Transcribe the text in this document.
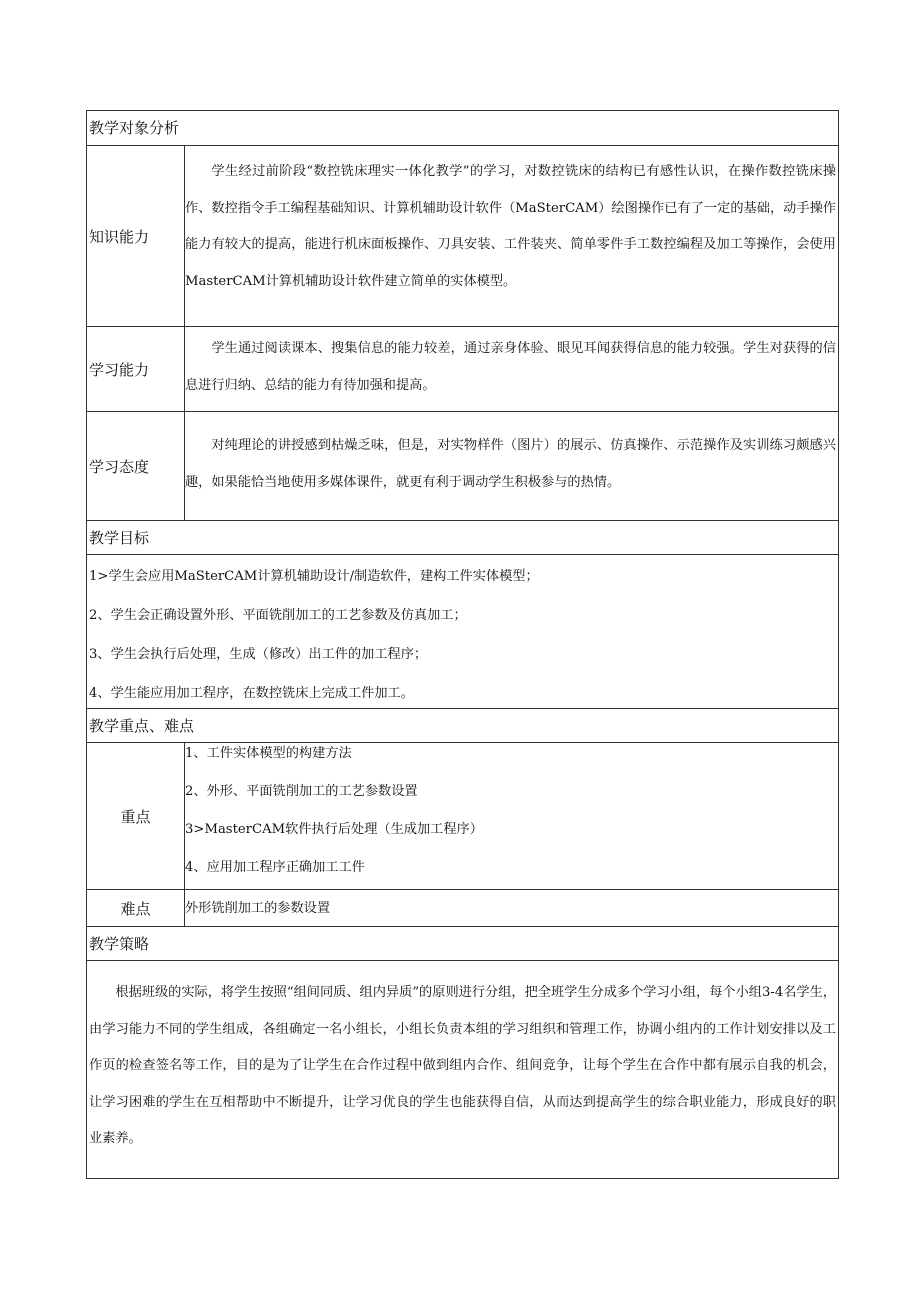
教学对象分析
知识能力

学生经过前阶段“数控铣床理实一体化教学”的学习，对数控铣床的结构已有感性认识，在操作数控铣床操作、数控指令手工编程基础知识、计算机辅助设计软件（MaSterCAM）绘图操作已有了一定的基础，动手操作能力有较大的提高，能进行机床面板操作、刀具安装、工件装夹、简单零件手工数控编程及加工等操作，会使用MasterCAM计算机辅助设计软件建立简单的实体模型。

学习能力

学生通过阅读课本、搜集信息的能力较差，通过亲身体验、眼见耳闻获得信息的能力较强。学生对获得的信息进行归纳、总结的能力有待加强和提高。

学习态度

对纯理论的讲授感到枯燥乏味，但是，对实物样件（图片）的展示、仿真操作、示范操作及实训练习颇感兴趣，如果能恰当地使用多媒体课件，就更有利于调动学生积极参与的热情。

教学目标

1>学生会应用MaSterCAM计算机辅助设计/制造软件，建构工件实体模型；

2、学生会正确设置外形、平面铣削加工的工艺参数及仿真加工；

3、学生会执行后处理，生成（修改）出工件的加工程序；

4、学生能应用加工程序，在数控铣床上完成工件加工。

教学重点、难点
重点

1、工件实体模型的构建方法

2、外形、平面铣削加工的工艺参数设置

3>MasterCAM软件执行后处理（生成加工程序）

4、应用加工程序正确加工工件

难点	外形铣削加工的参数设置

教学策略

根据班级的实际，将学生按照“组间同质、组内异质”的原则进行分组，把全班学生分成多个学习小组，每个小组3-4名学生，由学习能力不同的学生组成，各组确定一名小组长，小组长负责本组的学习组织和管理工作，协调小组内的工作计划安排以及工作页的检查签名等工作，目的是为了让学生在合作过程中做到组内合作、组间竞争，让每个学生在合作中都有展示自我的机会，让学习困难的学生在互相帮助中不断提升，让学习优良的学生也能获得自信，从而达到提高学生的综合职业能力，形成良好的职业素养。
